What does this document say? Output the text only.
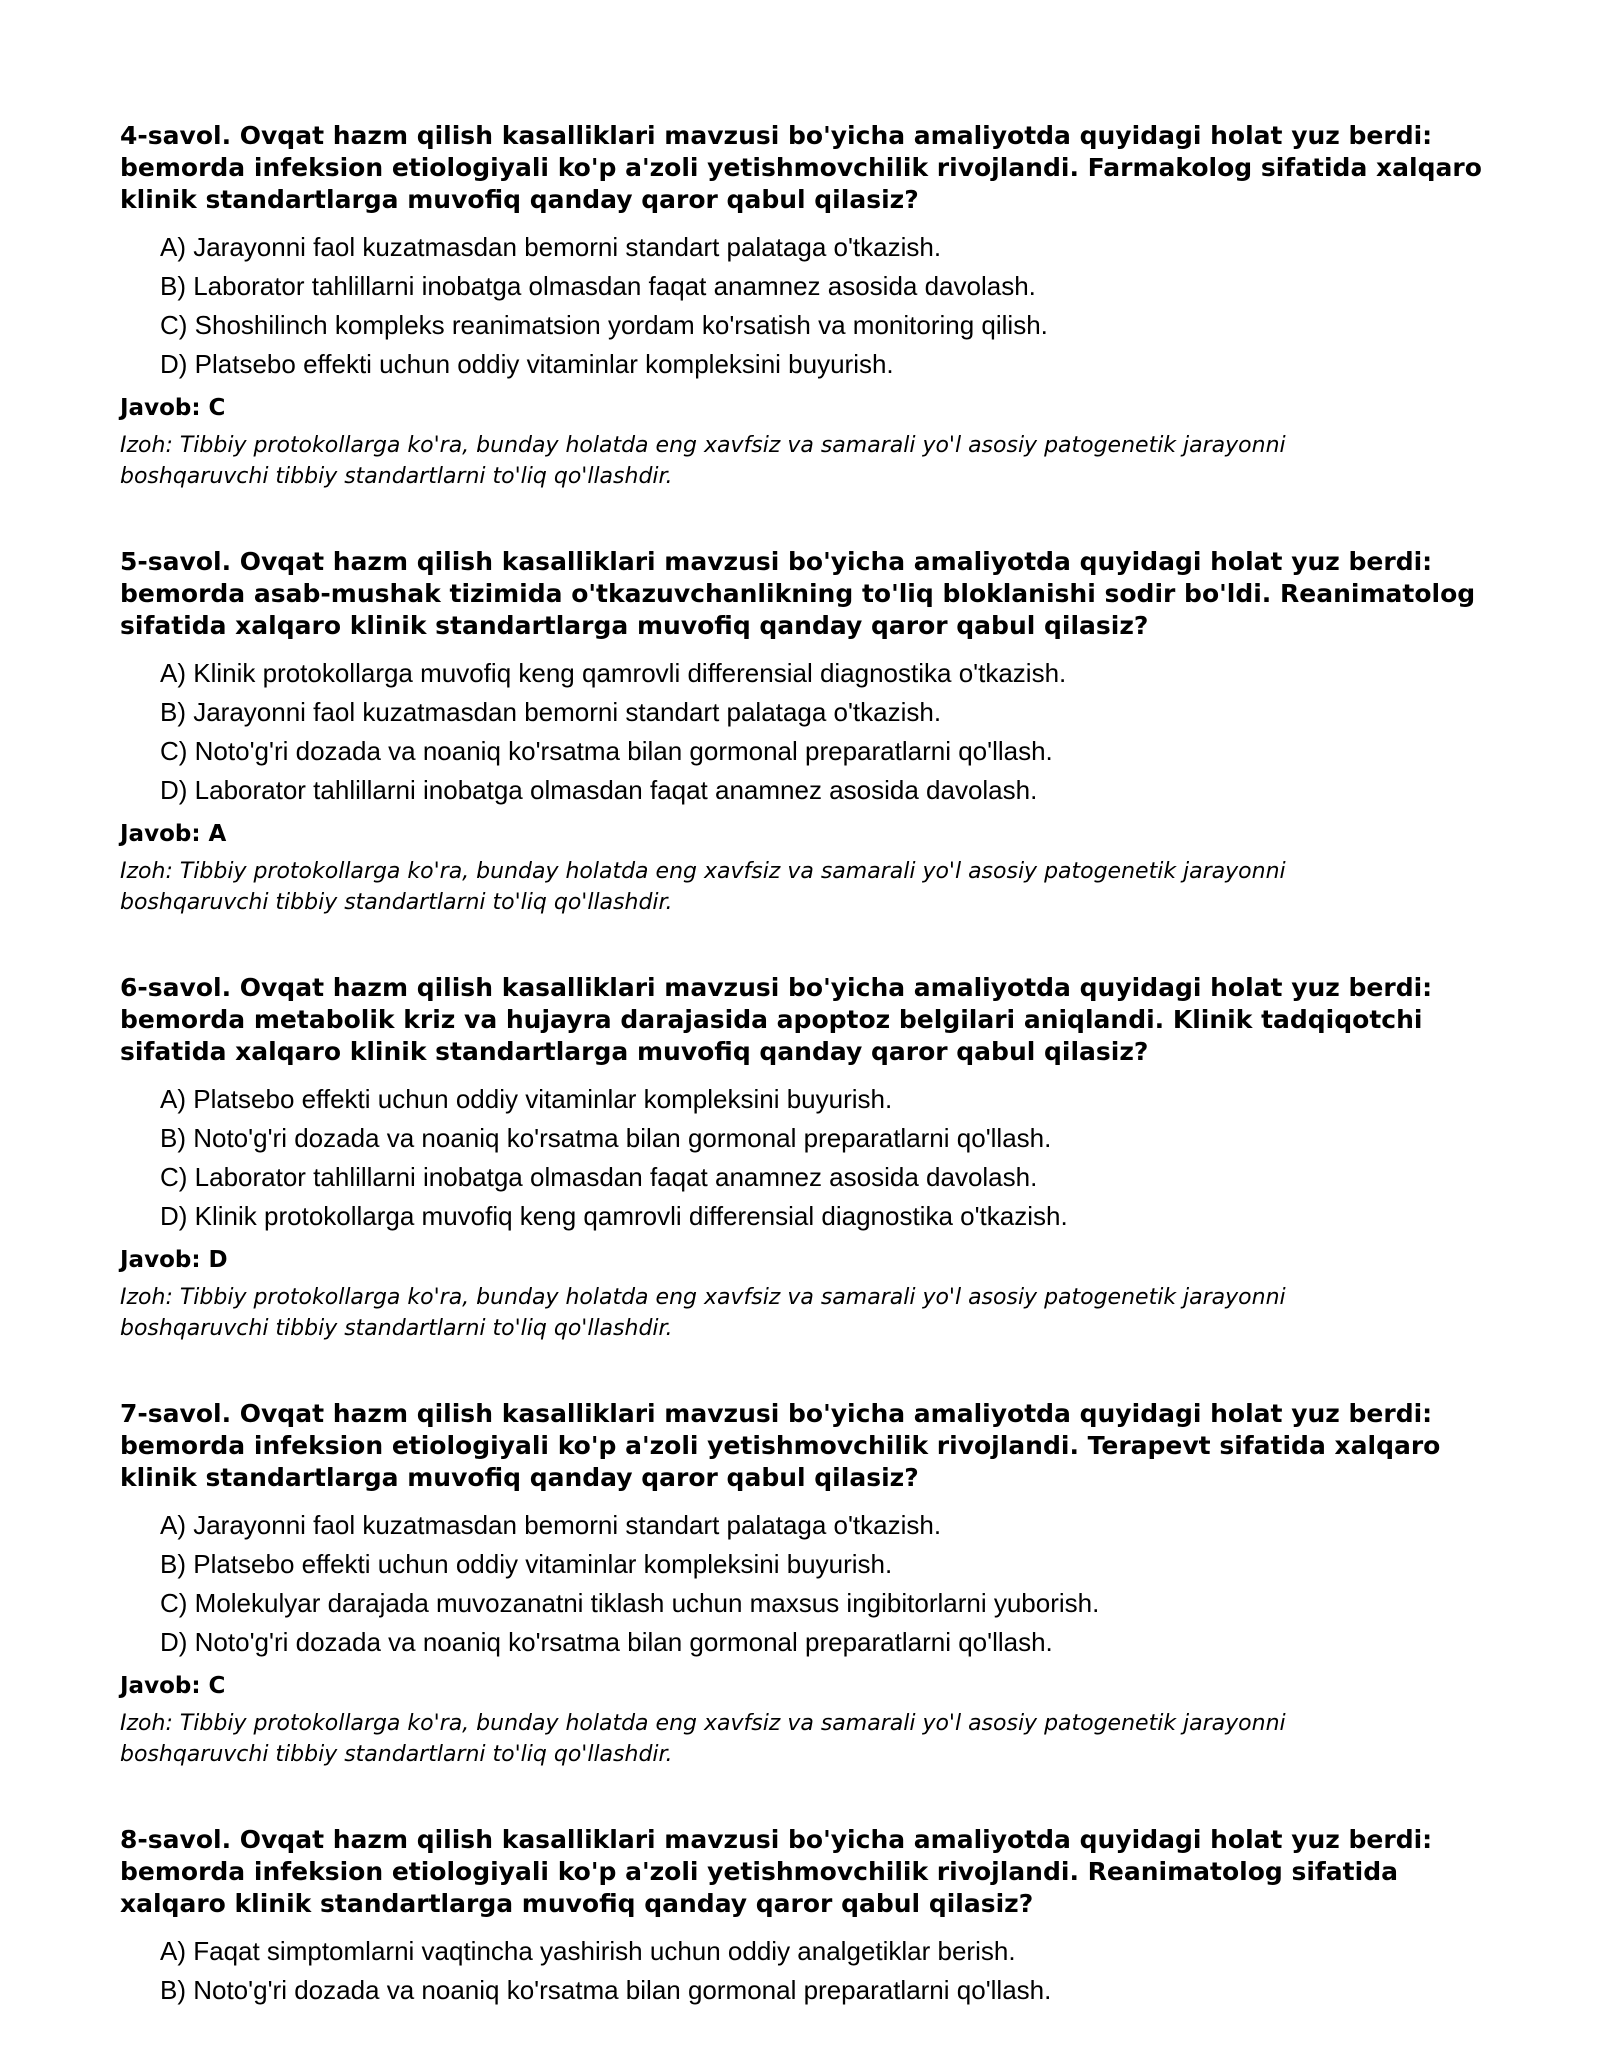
4-savol. Ovqat hazm qilish kasalliklari mavzusi bo'yicha amaliyotda quyidagi holat yuz berdi: bemorda infeksion etiologiyali ko'p a'zoli yetishmovchilik rivojlandi. Farmakolog sifatida xalqaro klinik standartlarga muvofiq qanday qaror qabul qilasiz?
A) Jarayonni faol kuzatmasdan bemorni standart palataga o'tkazish.
B) Laborator tahlillarni inobatga olmasdan faqat anamnez asosida davolash.
C) Shoshilinch kompleks reanimatsion yordam ko'rsatish va monitoring qilish.
D) Platsebo effekti uchun oddiy vitaminlar kompleksini buyurish.
Javob: C
Izoh: Tibbiy protokollarga ko'ra, bunday holatda eng xavfsiz va samarali yo'l asosiy patogenetik jarayonni boshqaruvchi tibbiy standartlarni to'liq qo'llashdir.
5-savol. Ovqat hazm qilish kasalliklari mavzusi bo'yicha amaliyotda quyidagi holat yuz berdi: bemorda asab-mushak tizimida o'tkazuvchanlikning to'liq bloklanishi sodir bo'ldi. Reanimatolog sifatida xalqaro klinik standartlarga muvofiq qanday qaror qabul qilasiz?
A) Klinik protokollarga muvofiq keng qamrovli differensial diagnostika o'tkazish.
B) Jarayonni faol kuzatmasdan bemorni standart palataga o'tkazish.
C) Noto'g'ri dozada va noaniq ko'rsatma bilan gormonal preparatlarni qo'llash.
D) Laborator tahlillarni inobatga olmasdan faqat anamnez asosida davolash.
Javob: A
Izoh: Tibbiy protokollarga ko'ra, bunday holatda eng xavfsiz va samarali yo'l asosiy patogenetik jarayonni boshqaruvchi tibbiy standartlarni to'liq qo'llashdir.
6-savol. Ovqat hazm qilish kasalliklari mavzusi bo'yicha amaliyotda quyidagi holat yuz berdi: bemorda metabolik kriz va hujayra darajasida apoptoz belgilari aniqlandi. Klinik tadqiqotchi sifatida xalqaro klinik standartlarga muvofiq qanday qaror qabul qilasiz?
A) Platsebo effekti uchun oddiy vitaminlar kompleksini buyurish.
B) Noto'g'ri dozada va noaniq ko'rsatma bilan gormonal preparatlarni qo'llash.
C) Laborator tahlillarni inobatga olmasdan faqat anamnez asosida davolash.
D) Klinik protokollarga muvofiq keng qamrovli differensial diagnostika o'tkazish.
Javob: D
Izoh: Tibbiy protokollarga ko'ra, bunday holatda eng xavfsiz va samarali yo'l asosiy patogenetik jarayonni boshqaruvchi tibbiy standartlarni to'liq qo'llashdir.
7-savol. Ovqat hazm qilish kasalliklari mavzusi bo'yicha amaliyotda quyidagi holat yuz berdi: bemorda infeksion etiologiyali ko'p a'zoli yetishmovchilik rivojlandi. Terapevt sifatida xalqaro klinik standartlarga muvofiq qanday qaror qabul qilasiz?
A) Jarayonni faol kuzatmasdan bemorni standart palataga o'tkazish.
B) Platsebo effekti uchun oddiy vitaminlar kompleksini buyurish.
C) Molekulyar darajada muvozanatni tiklash uchun maxsus ingibitorlarni yuborish.
D) Noto'g'ri dozada va noaniq ko'rsatma bilan gormonal preparatlarni qo'llash.
Javob: C
Izoh: Tibbiy protokollarga ko'ra, bunday holatda eng xavfsiz va samarali yo'l asosiy patogenetik jarayonni boshqaruvchi tibbiy standartlarni to'liq qo'llashdir.
8-savol. Ovqat hazm qilish kasalliklari mavzusi bo'yicha amaliyotda quyidagi holat yuz berdi: bemorda infeksion etiologiyali ko'p a'zoli yetishmovchilik rivojlandi. Reanimatolog sifatida xalqaro klinik standartlarga muvofiq qanday qaror qabul qilasiz?
A) Faqat simptomlarni vaqtincha yashirish uchun oddiy analgetiklar berish.
B) Noto'g'ri dozada va noaniq ko'rsatma bilan gormonal preparatlarni qo'llash.
